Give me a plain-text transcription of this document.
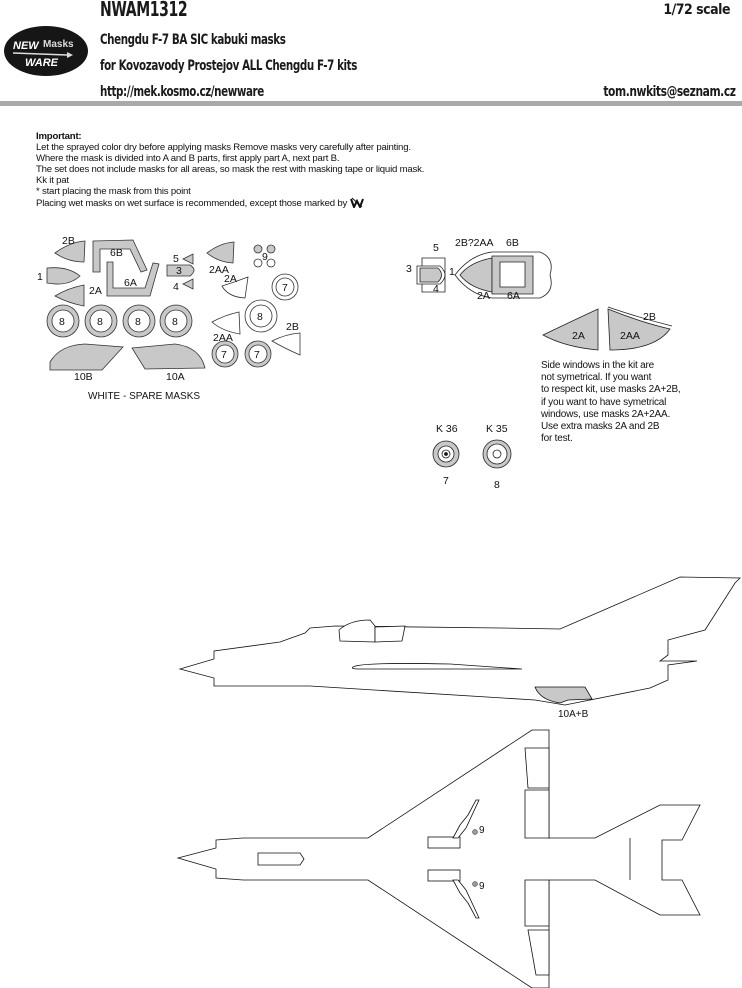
NEW Masks
WARE
NWAM1312	1/72 scale
Chengdu F-7 BA SIC kabuki masks
for Kovozavody Prostejov ALL Chengdu F-7 kits
http://mek.kosmo.cz/newware	tom.nwkits@seznam.cz
Important:
Let the sprayed color dry before applying masks Remove masks very carefully after painting.
Where the mask is divided into A and B parts, first apply part A, next part B.
The set does not include masks for all areas, so mask the rest with masking tape or liquid mask.
Kk it pat
* start placing the mask from this point
Placing wet masks on wet surface is recommended, except those marked by
2B
1
2A
6B
6A
5
3
4
2AA
2A
9
7
8	8	8	8	8
2AA
2B
7	7
10B	10A
WHITE - SPARE MASKS
5
3	1
4
2B?2AA 6B
2A 6A
2A	2AA
2B
K 36	K 35
7	8
10A+B
9
9
Side windows in the kit are
not symetrical. If you want
to respect kit, use masks 2A+2B,
if you want to have symetrical
windows, use masks 2A+2AA.
Use extra masks 2A and 2B
for test.
